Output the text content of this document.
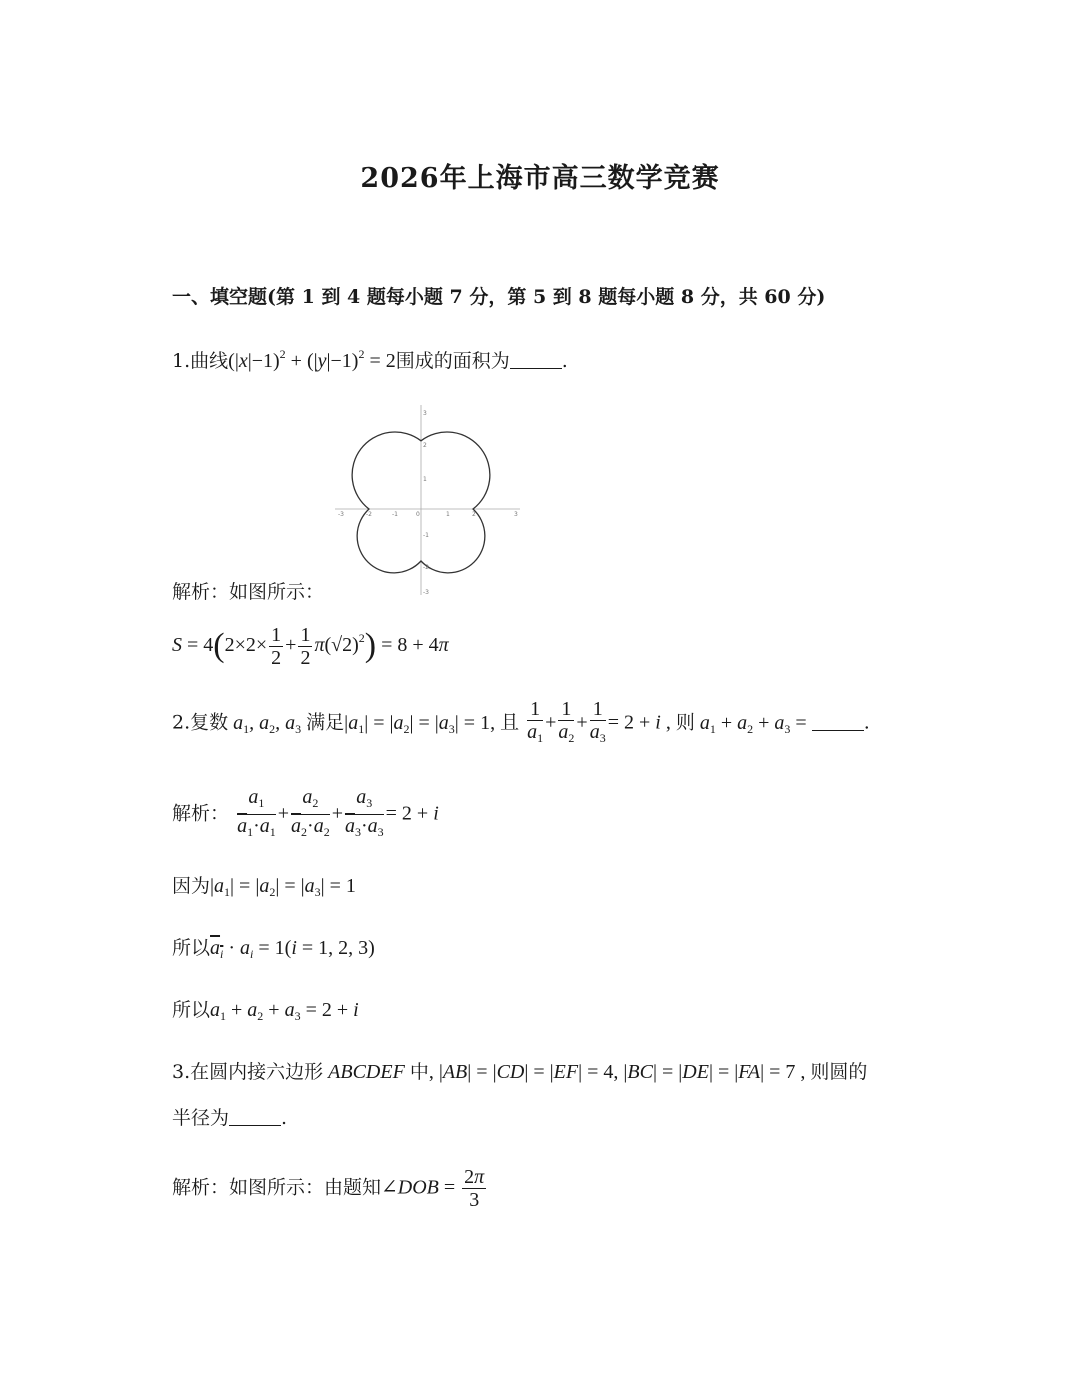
2026年上海市高三数学竞赛
一、填空题(第 1 到 4 题每小题 7 分，第 5 到 8 题每小题 8 分，共 60 分)
1.曲线$(|x|-1)^2 + (|y|-1)^2 = 2$围成的面积为	.
-3	-2	-1	0	1	2	3
3
2
1
-1
-2
-3
解析：如图所示：
$S = 4(2\times 2\times \frac{1}{2} + \frac{1}{2} \pi(√2)^2) = 8 + 4\pi$
2.复数 $a_1$, $a_2$, $a_3$ 满足$|a_1| = |a_2| = |a_3| = 1$, 且 $\frac{1}{a_1} + \frac{1}{a_2} + \frac{1}{a_3} = 2 + i$ , 则 $a_1 + a_2 + a_3$ =	.
解析： $\frac{a_1}{\overline{a}_1\cdot a_1} + \frac{a_2}{\overline{a}_2\cdot a_2} + \frac{a_3}{\overline{a}_3\cdot a_3} = 2 + i$
因为$|a_1| = |a_2| = |a_3| = 1$
所以$a_i \cdot a_i = 1(i = 1$, 2, 3)
所以$a_1 + a_2 + a_3 = 2 + i$
3.在圆内接六边形 ABCDEF 中, |AB| = |CD| = |EF| = 4, |BC| = |DE| = |FA| = 7 , 则圆的
半径为	.
解析：如图所示：由题知∠DOB = $\frac{2\pi}{3}$
